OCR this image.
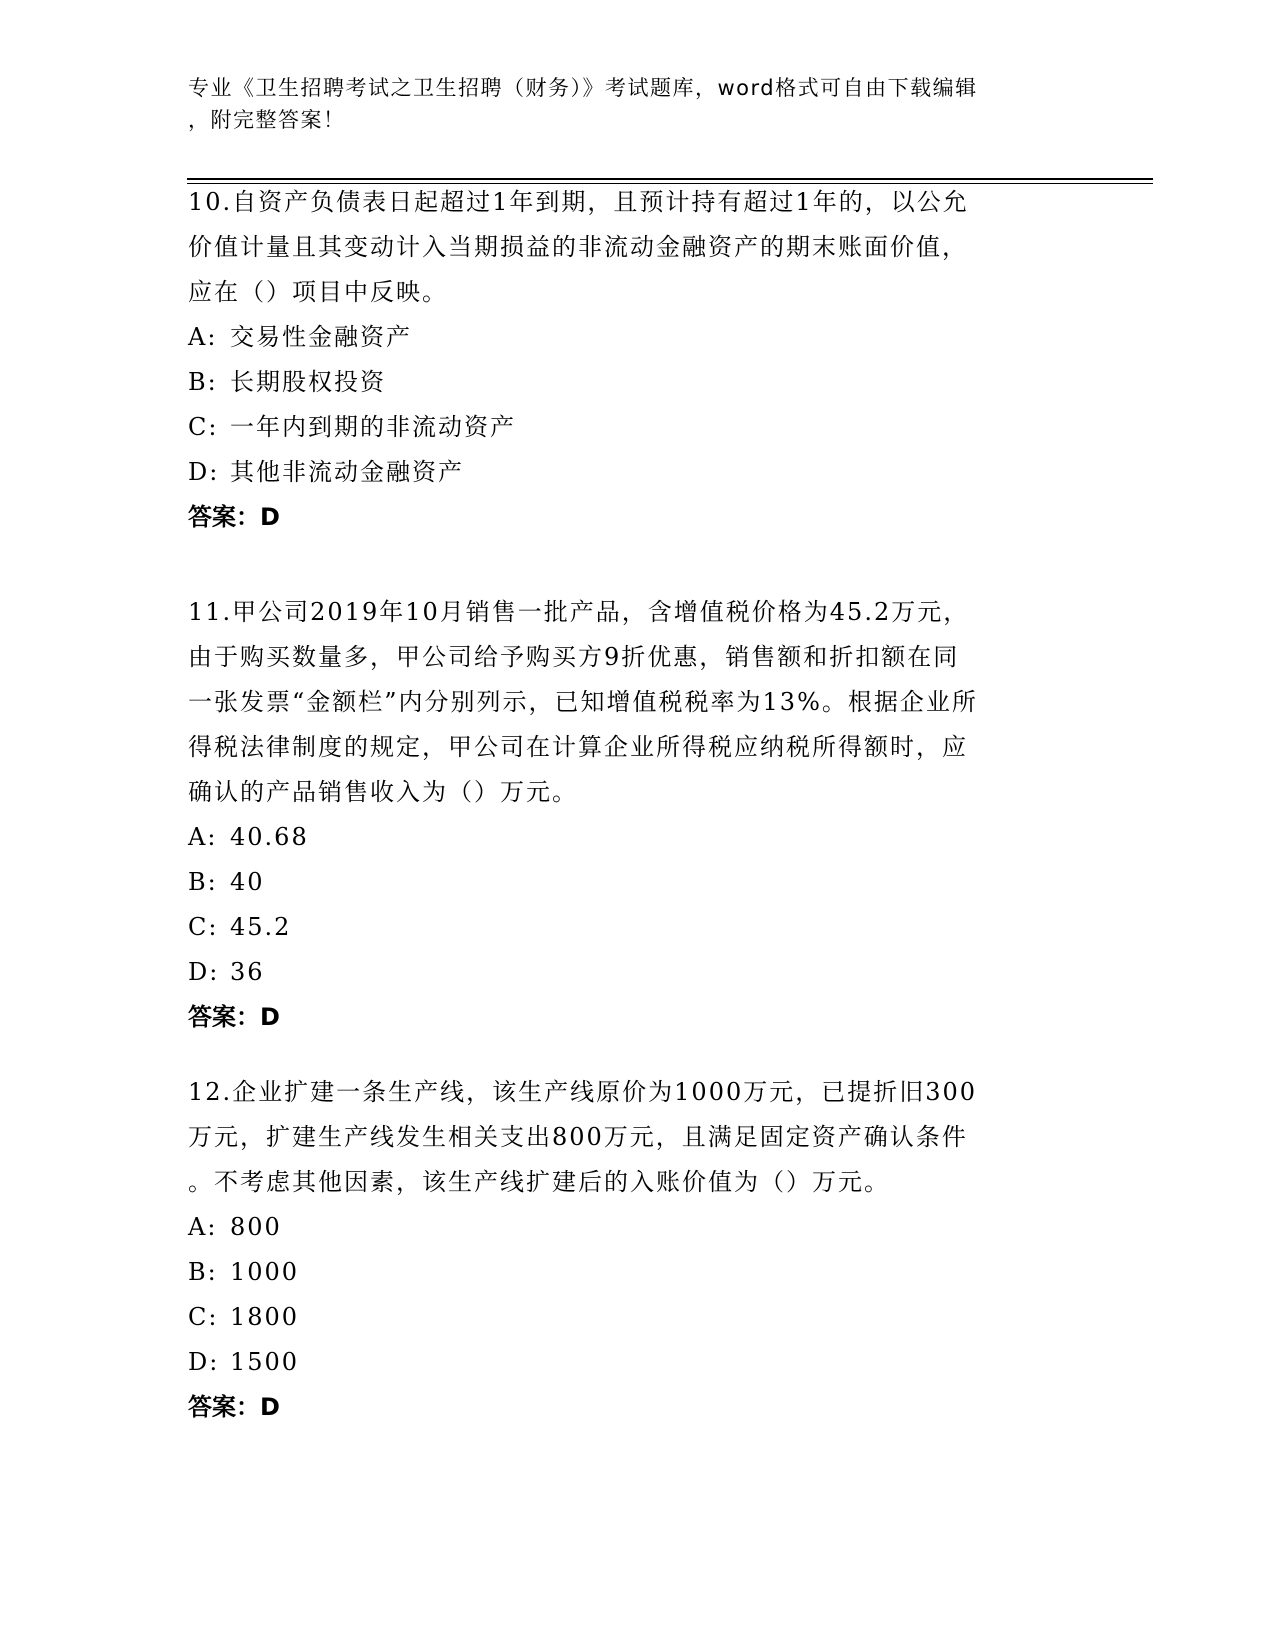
专业《卫生招聘考试之卫生招聘（财务）》考试题库，word格式可自由下载编辑
，附完整答案！
10.自资产负债表日起超过1年到期，且预计持有超过1年的，以公允
价值计量且其变动计入当期损益的非流动金融资产的期末账面价值，
应在（）项目中反映。
A: 交易性金融资产
B: 长期股权投资
C: 一年内到期的非流动资产
D: 其他非流动金融资产
答案：D
11.甲公司2019年10月销售一批产品，含增值税价格为45.2万元，
由于购买数量多，甲公司给予购买方9折优惠，销售额和折扣额在同
一张发票“金额栏”内分别列示，已知增值税税率为13%。根据企业所
得税法律制度的规定，甲公司在计算企业所得税应纳税所得额时，应
确认的产品销售收入为（）万元。
A: 40.68
B: 40
C: 45.2
D: 36
答案：D
12.企业扩建一条生产线，该生产线原价为1000万元，已提折旧300
万元，扩建生产线发生相关支出800万元，且满足固定资产确认条件
。不考虑其他因素，该生产线扩建后的入账价值为（）万元。
A: 800
B: 1000
C: 1800
D: 1500
答案：D
